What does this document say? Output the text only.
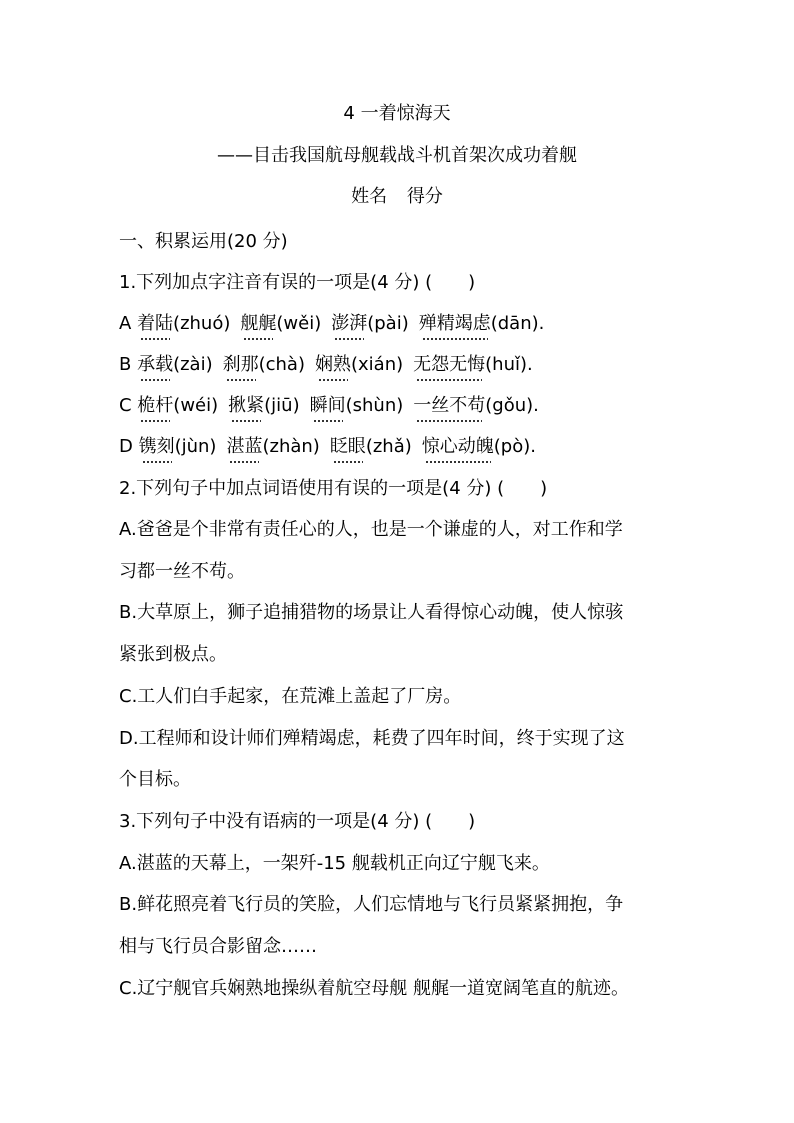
4 一着惊海天
——目击我国航母舰载战斗机首架次成功着舰
姓名 得分
一、积累运用(20 分)
1.下列加点字注音有误的一项是(4 分) (　　)
A 着陆(zhuó) 舰艉(wěi) 澎湃(pài) 殚精竭虑(dān).
B 承载(zài) 刹那(chà) 娴熟(xián) 无怨无悔(huǐ).
C 桅杆(wéi) 揪紧(jiū) 瞬间(shùn) 一丝不苟(gǒu).
D 镌刻(jùn) 湛蓝(zhàn) 眨眼(zhǎ) 惊心动魄(pò).
2.下列句子中加点词语使用有误的一项是(4 分) (　　)
A.爸爸是个非常有责任心的人，也是一个谦虚的人，对工作和学
习都一丝不苟。
B.大草原上，狮子追捕猎物的场景让人看得惊心动魄，使人惊骇
紧张到极点。
C.工人们白手起家，在荒滩上盖起了厂房。
D.工程师和设计师们殚精竭虑，耗费了四年时间，终于实现了这
个目标。
3.下列句子中没有语病的一项是(4 分) (　　)
A.湛蓝的天幕上，一架歼-15 舰载机正向辽宁舰飞来。
B.鲜花照亮着飞行员的笑脸，人们忘情地与飞行员紧紧拥抱，争
相与飞行员合影留念……
C.辽宁舰官兵娴熟地操纵着航空母舰 舰艉一道宽阔笔直的航迹。
